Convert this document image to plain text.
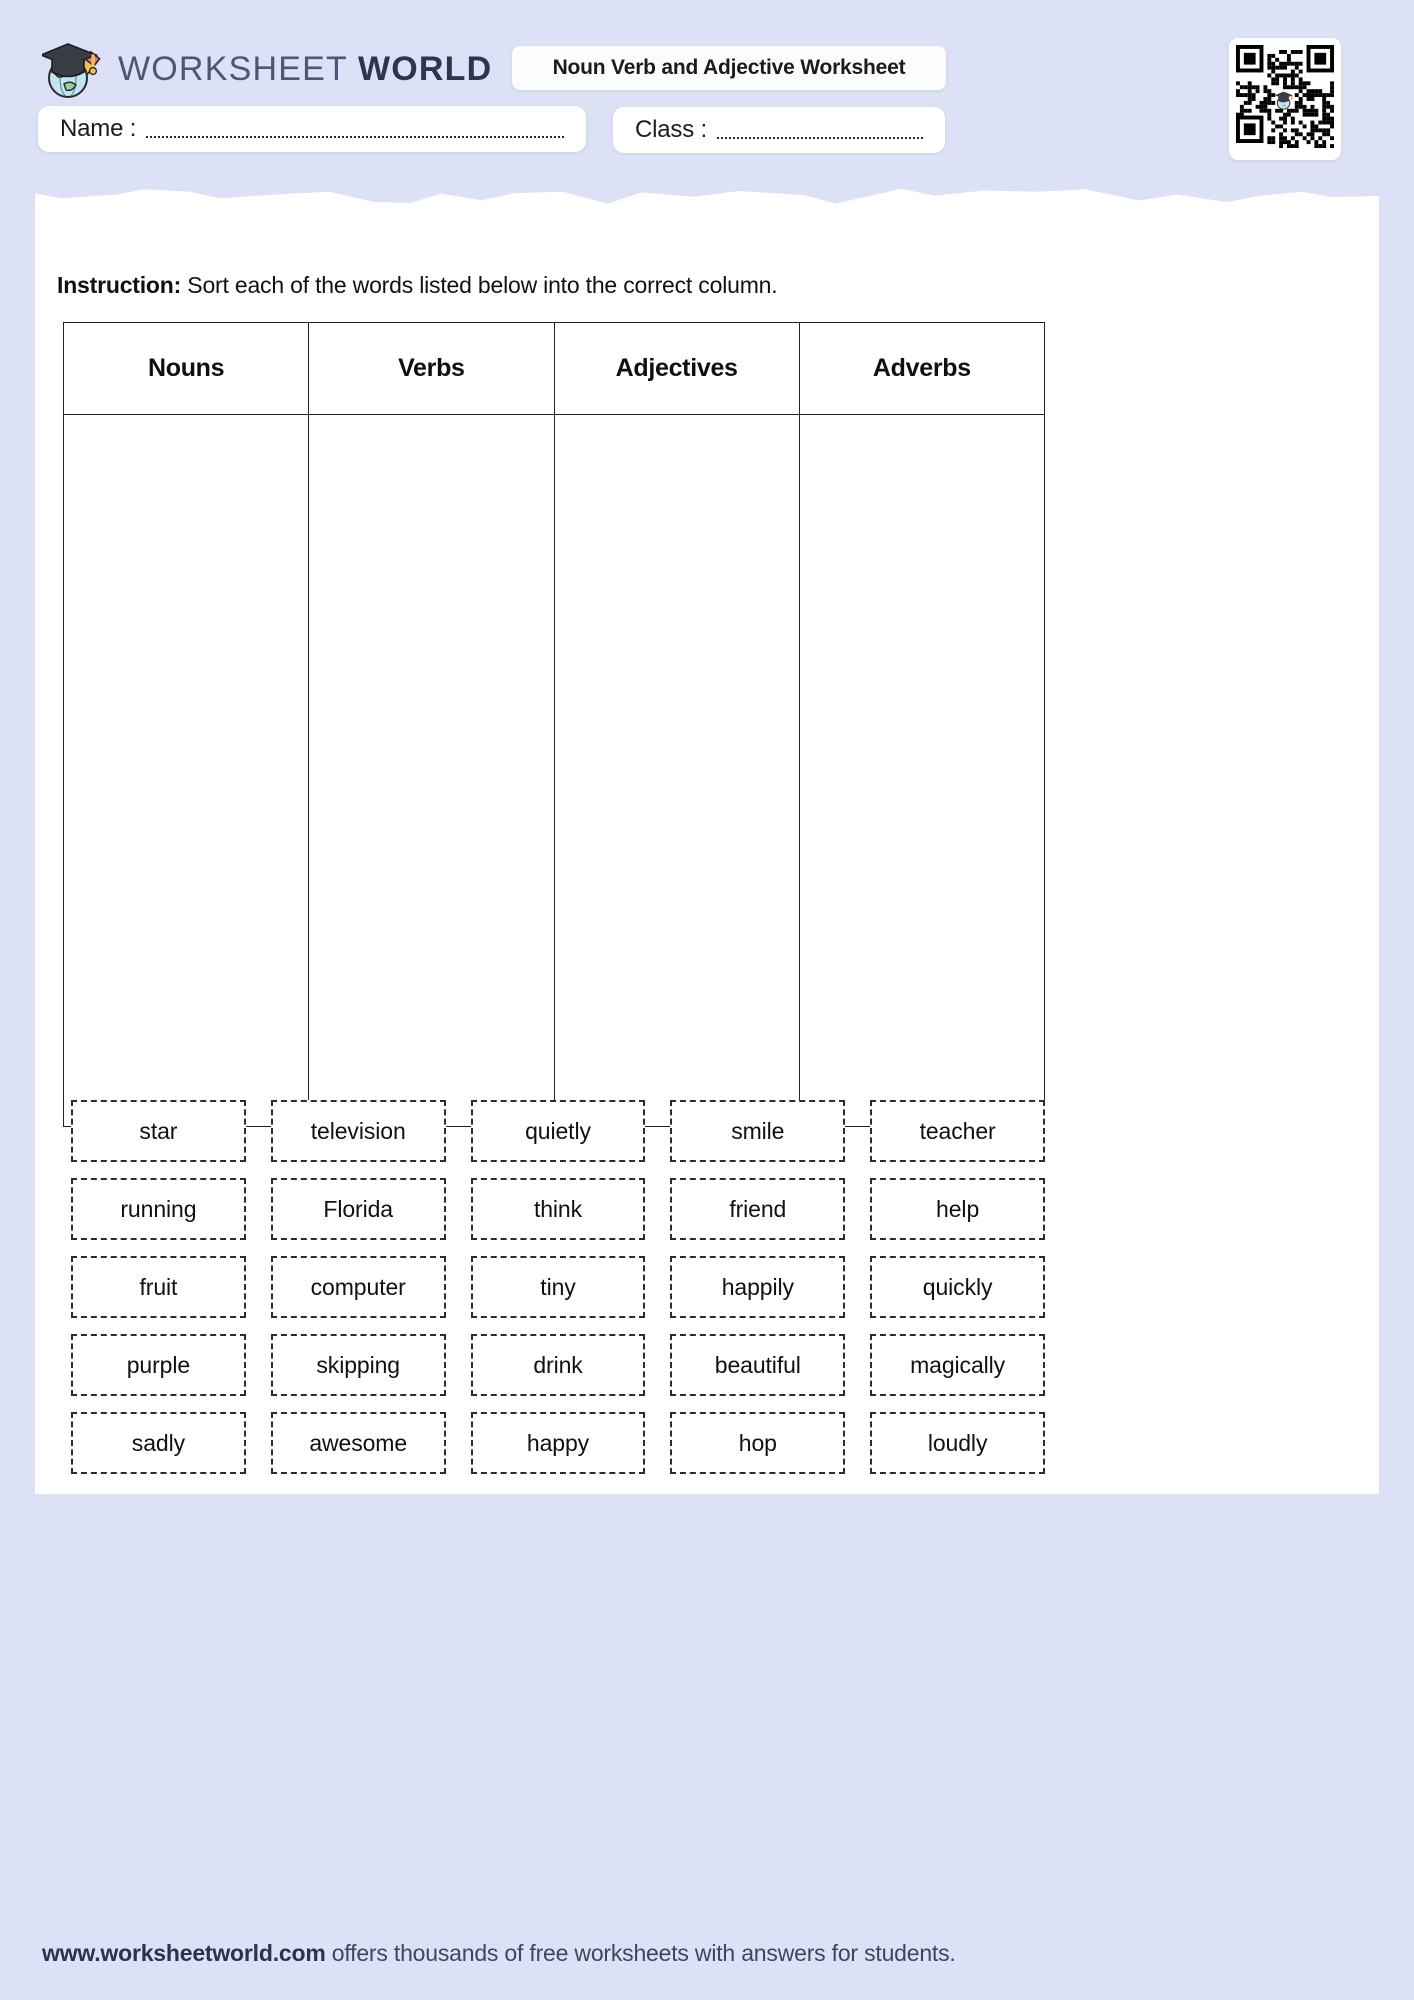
WORKSHEET WORLD	Noun Verb and Adjective Worksheet
Name :	Class :
Instruction: Sort each of the words listed below into the correct column.
Nouns	Verbs	Adjectives	Adverbs

star	television	quietly	smile	teacher
running	Florida	think	friend	help
fruit	computer	tiny	happily	quickly
purple	skipping	drink	beautiful	magically
sadly	awesome	happy	hop	loudly
www.worksheetworld.com offers thousands of free worksheets with answers for students.
